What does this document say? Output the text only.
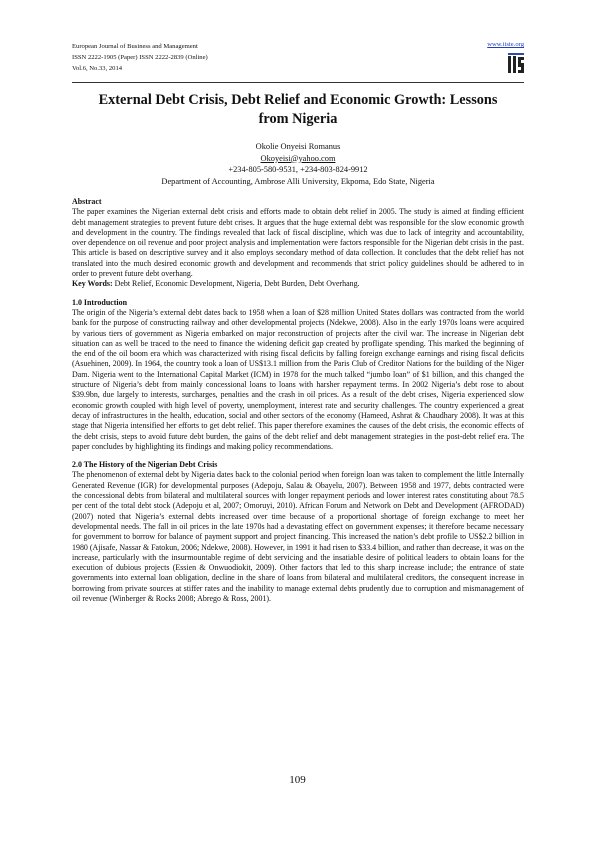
European Journal of Business and Management
ISSN 2222-1905 (Paper) ISSN 2222-2839 (Online)
Vol.6, No.33, 2014
www.iiste.org
External Debt Crisis, Debt Relief and Economic Growth: Lessons
from Nigeria
Okolie Onyeisi Romanus
Okoyeisi@yahoo.com
+234-805-580-9531, +234-803-824-9912
Department of Accounting, Ambrose Alli University, Ekpoma, Edo State, Nigeria
Abstract

The paper examines the Nigerian external debt crisis and efforts made to obtain debt relief in 2005. The study is aimed at finding efficient debt management strategies to prevent future debt crises. It argues that the huge external debt was responsible for the slow economic growth and development in the country. The findings revealed that lack of fiscal discipline, which was due to lack of integrity and accountability, over dependence on oil revenue and poor project analysis and implementation were factors responsible for the Nigerian debt crisis in the past. This article is based on descriptive survey and it also employs secondary method of data collection. It concludes that the debt relief has not translated into the much desired economic growth and development and recommends that strict policy guidelines should be adhered to in order to prevent future debt overhang.

Key Words: Debt Relief, Economic Development, Nigeria, Debt Burden, Debt Overhang.

1.0 Introduction

The origin of the Nigeria’s external debt dates back to 1958 when a loan of $28 million United States dollars was contracted from the world bank for the purpose of constructing railway and other developmental projects (Ndekwe, 2008). Also in the early 1970s loans were acquired by various tiers of government as Nigeria embarked on major reconstruction of projects after the civil war. The increase in Nigerian debt situation can as well be traced to the need to finance the widening deficit gap created by profligate spending. This marked the beginning of the end of the oil boom era which was characterized with rising fiscal deficits by falling foreign exchange earnings and rising fiscal deficits (Asuehinen, 2009). In 1964, the country took a loan of US$13.1 million from the Paris Club of Creditor Nations for the building of the Niger Dam. Nigeria went to the International Capital Market (ICM) in 1978 for the much talked “jumbo loan” of $1 billion, and this changed the structure of Nigeria’s debt from mainly concessional loans to loans with harsher repayment terms. In 2002 Nigeria’s debt rose to about $39.9bn, due largely to interests, surcharges, penalties and the crash in oil prices. As a result of the debt crises, Nigeria experienced slow economic growth coupled with high level of poverty, unemployment, interest rate and security challenges. The country experienced a great decay of infrastructures in the health, education, social and other sectors of the economy (Hameed, Ashrat & Chaudhary 2008). It was at this stage that Nigeria intensified her efforts to get debt relief. This paper therefore examines the causes of the debt crisis, the economic effects of the debt crisis, steps to avoid future debt burden, the gains of the debt relief and debt management strategies in the post-debt relief era. The paper concludes by highlighting its findings and making policy recommendations.

2.0 The History of the Nigerian Debt Crisis

The phenomenon of external debt by Nigeria dates back to the colonial period when foreign loan was taken to complement the little Internally Generated Revenue (IGR) for developmental purposes (Adepoju, Salau & Obayelu, 2007). Between 1958 and 1977, debts contracted were the concessional debts from bilateral and multilateral sources with longer repayment periods and lower interest rates constituting about 78.5 per cent of the total debt stock (Adepoju et al, 2007; Omoruyi, 2010). African Forum and Network on Debt and Development (AFRODAD) (2007) noted that Nigeria’s external debts increased over time because of a proportional shortage of foreign exchange to meet her developmental needs. The fall in oil prices in the late 1970s had a devastating effect on government expenses; it therefore became necessary for government to borrow for balance of payment support and project financing. This increased the nation’s debt profile to US$2.2 billion in 1980 (Ajisafe, Nassar & Fatokun, 2006; Ndekwe, 2008). However, in 1991 it had risen to $33.4 billion, and rather than decrease, it was on the increase, particularly with the insurmountable regime of debt servicing and the insatiable desire of political leaders to obtain loans for the execution of dubious projects (Essien & Onwuodiokit, 2009). Other factors that led to this sharp increase include; the entrance of state governments into external loan obligation, decline in the share of loans from bilateral and multilateral creditors, the consequent increase in borrowing from private sources at stiffer rates and the inability to manage external debts prudently due to corruption and mismanagement of oil revenue (Winberger & Rocks 2008; Abrego & Ross, 2001).

109
